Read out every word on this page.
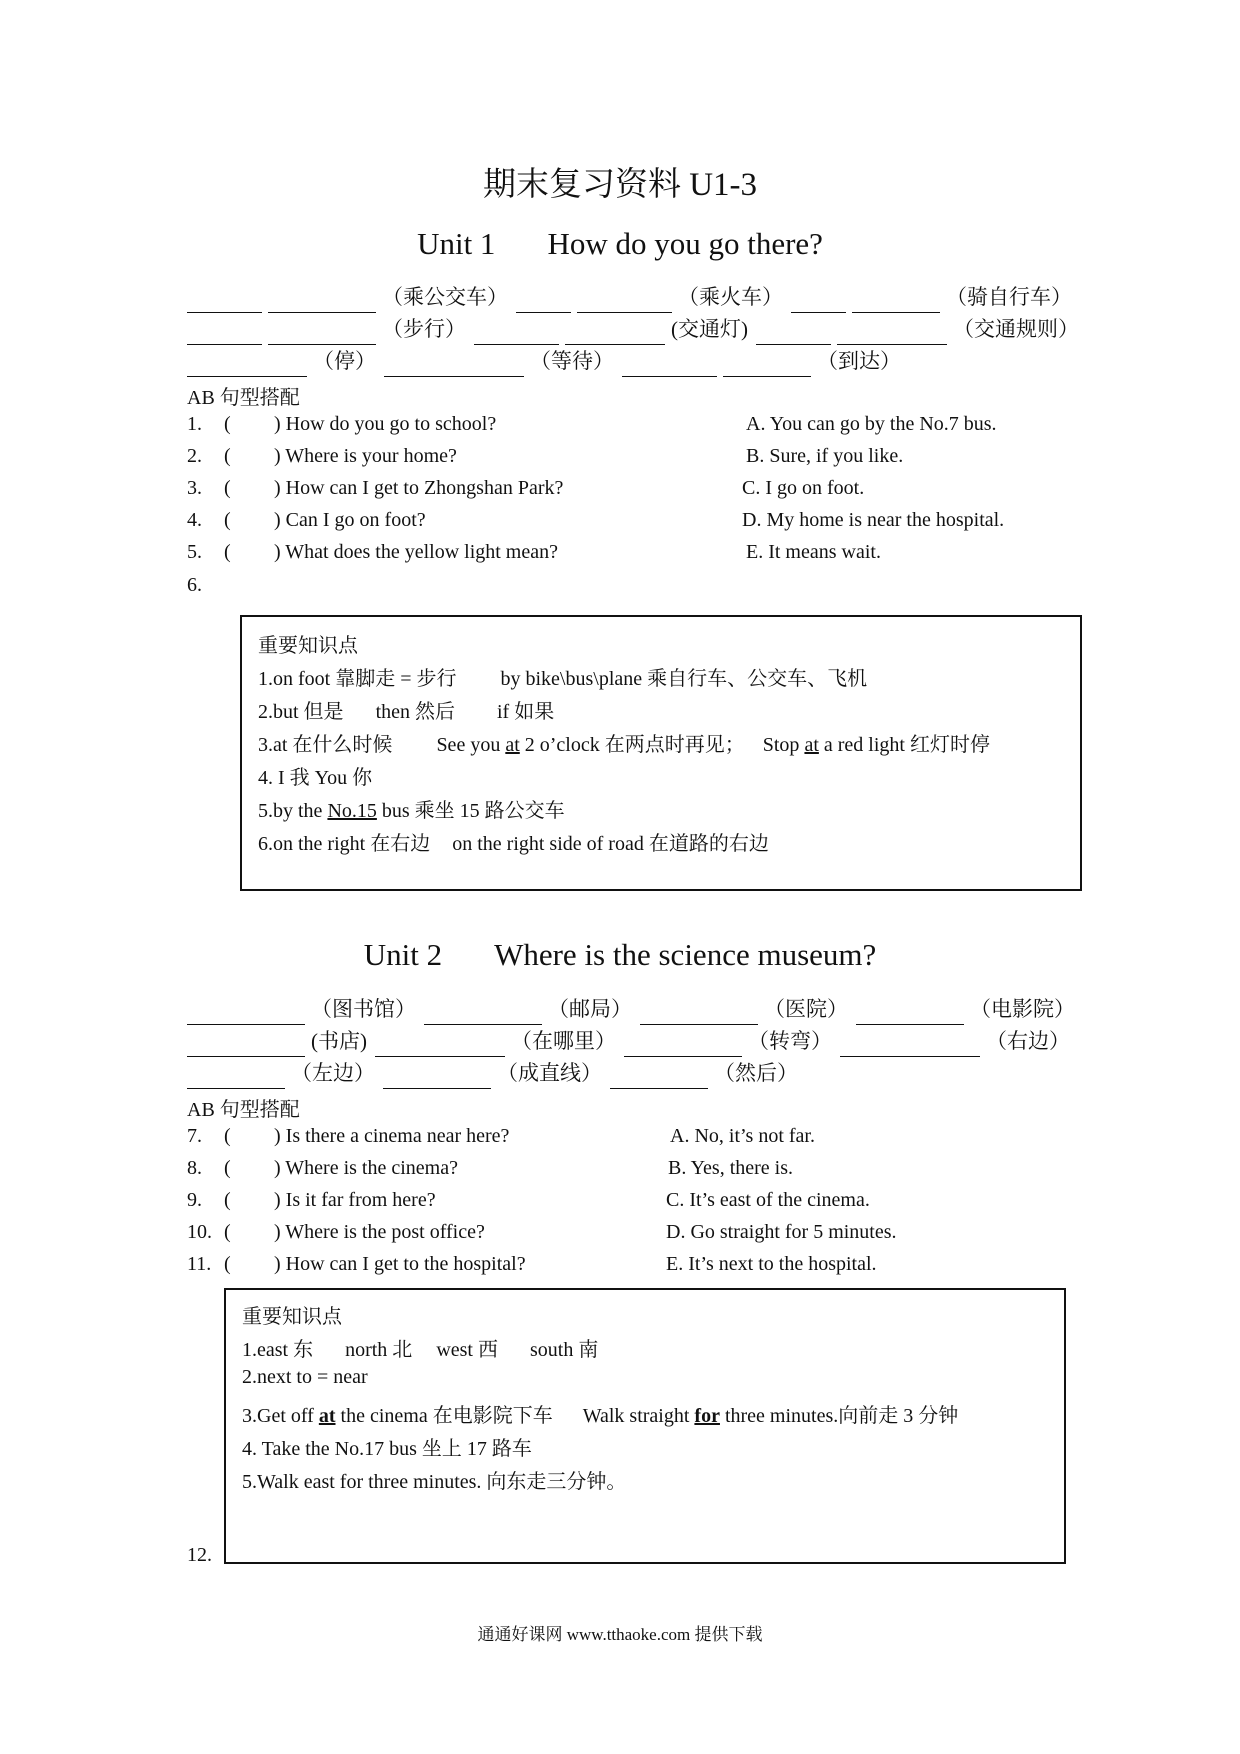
期末复习资料 U1-3
Unit 1 How do you go there?
（乘公交车）	（乘火车）	（骑自行车）
（步行）	(交通灯)	（交通规则）
（停）	（等待）	（到达）
AB 句型搭配
1. ( ) How do you go to school?	A. You can go by the No.7 bus.
2. ( ) Where is your home?	B. Sure, if you like.
3. ( ) How can I get to Zhongshan Park?	C. I go on foot.
4. ( ) Can I go on foot?	D. My home is near the hospital.
5. ( ) What does the yellow light mean?	E. It means wait.
6.
重要知识点
1.on foot 靠脚走 = 步行 by bike\bus\plane 乘自行车、公交车、飞机
2.but 但是 then 然后 if 如果
3.at 在什么时候 See you at 2 o’clock 在两点时再见； Stop at a red light 红灯时停
4. I 我 You 你
5.by the No.15 bus 乘坐 15 路公交车
6.on the right 在右边 on the right side of road 在道路的右边
Unit 2 Where is the science museum?
（图书馆）	（邮局）	（医院）	（电影院）
(书店)	（在哪里）	（转弯）	（右边）
（左边）	（成直线）	（然后）
AB 句型搭配
7. ( ) Is there a cinema near here?	A. No, it’s not far.
8. ( ) Where is the cinema?	B. Yes, there is.
9. ( ) Is it far from here?	C. It’s east of the cinema.
10. ( ) Where is the post office?	D. Go straight for 5 minutes.
11. ( ) How can I get to the hospital?	E. It’s next to the hospital.
重要知识点
1.east 东 north 北 west 西 south 南
2.next to = near
3.Get off at the cinema 在电影院下车 Walk straight for three minutes.向前走 3 分钟
4. Take the No.17 bus 坐上 17 路车
5.Walk east for three minutes. 向东走三分钟。
12.
通通好课网 www.tthaoke.com 提供下载
